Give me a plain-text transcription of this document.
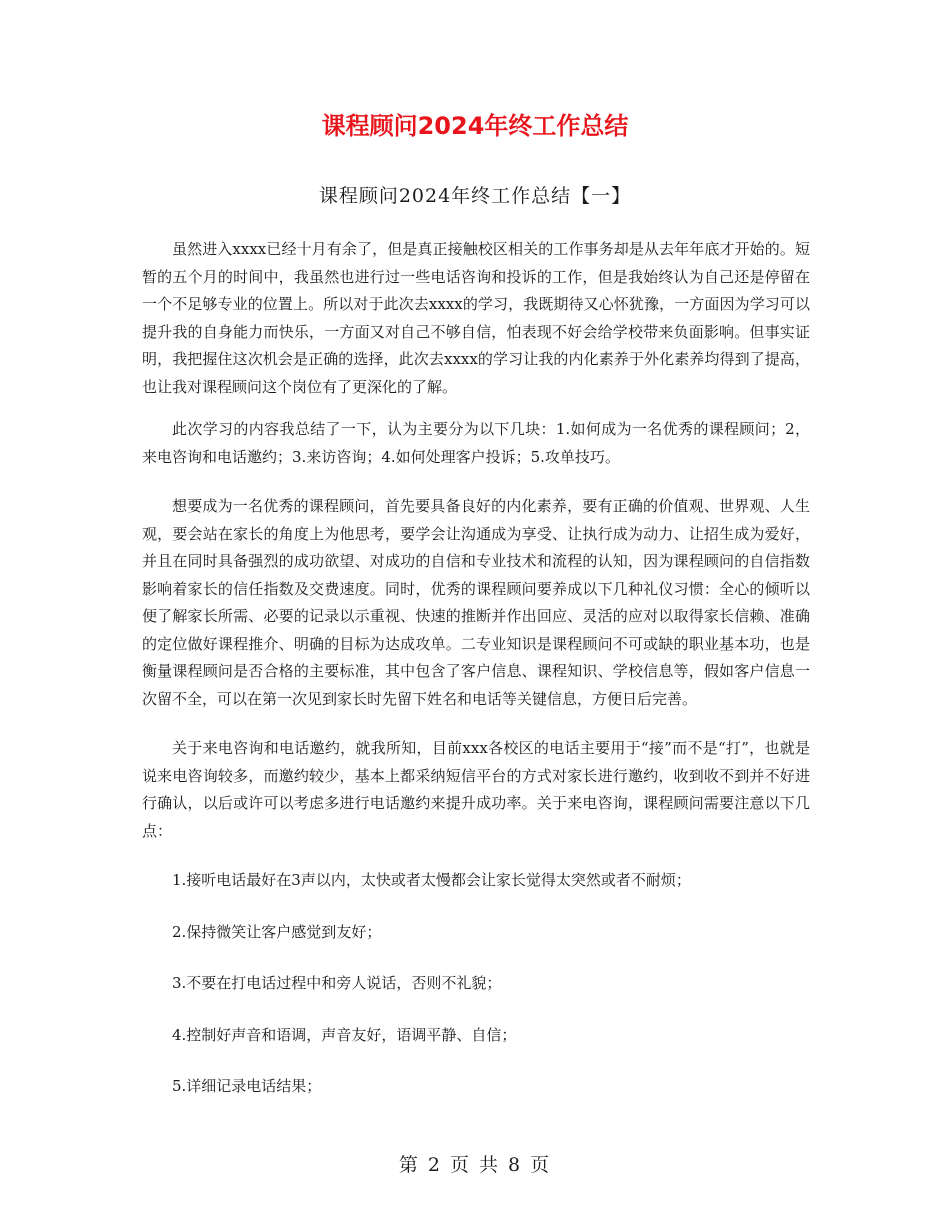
课程顾问2024年终工作总结
课程顾问2024年终工作总结【一】

虽然进入xxxx已经十月有余了，但是真正接触校区相关的工作事务却是从去年年底才开始的。短暂的五个月的时间中，我虽然也进行过一些电话咨询和投诉的工作，但是我始终认为自己还是停留在一个不足够专业的位置上。所以对于此次去xxxx的学习，我既期待又心怀犹豫，一方面因为学习可以提升我的自身能力而快乐，一方面又对自己不够自信，怕表现不好会给学校带来负面影响。但事实证明，我把握住这次机会是正确的选择，此次去xxxx的学习让我的内化素养于外化素养均得到了提高，也让我对课程顾问这个岗位有了更深化的了解。

此次学习的内容我总结了一下，认为主要分为以下几块：1.如何成为一名优秀的课程顾问；2，来电咨询和电话邀约；3.来访咨询；4.如何处理客户投诉；5.攻单技巧。

想要成为一名优秀的课程顾问，首先要具备良好的内化素养，要有正确的价值观、世界观、人生观，要会站在家长的角度上为他思考，要学会让沟通成为享受、让执行成为动力、让招生成为爱好，并且在同时具备强烈的成功欲望、对成功的自信和专业技术和流程的认知，因为课程顾问的自信指数影响着家长的信任指数及交费速度。同时，优秀的课程顾问要养成以下几种礼仪习惯：全心的倾听以便了解家长所需、必要的记录以示重视、快速的推断并作出回应、灵活的应对以取得家长信赖、准确的定位做好课程推介、明确的目标为达成攻单。二专业知识是课程顾问不可或缺的职业基本功，也是衡量课程顾问是否合格的主要标准，其中包含了客户信息、课程知识、学校信息等，假如客户信息一次留不全，可以在第一次见到家长时先留下姓名和电话等关键信息，方便日后完善。

关于来电咨询和电话邀约，就我所知，目前xxx各校区的电话主要用于“接”而不是“打”，也就是说来电咨询较多，而邀约较少，基本上都采纳短信平台的方式对家长进行邀约，收到收不到并不好进行确认，以后或许可以考虑多进行电话邀约来提升成功率。关于来电咨询，课程顾问需要注意以下几点：

1.接听电话最好在3声以内，太快或者太慢都会让家长觉得太突然或者不耐烦；

2.保持微笑让客户感觉到友好；

3.不要在打电话过程中和旁人说话，否则不礼貌；

4.控制好声音和语调，声音友好，语调平静、自信；

5.详细记录电话结果；

第 2 页 共 8 页
